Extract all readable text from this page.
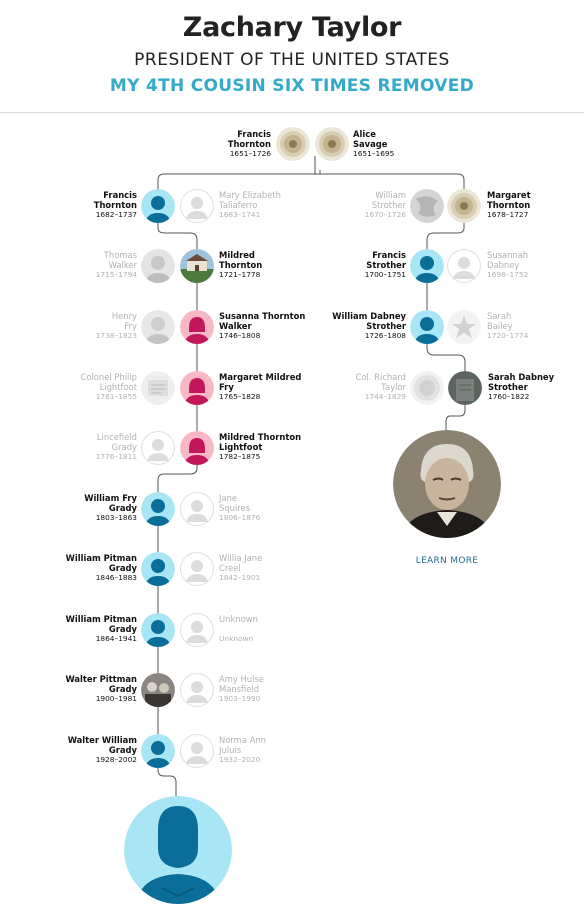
Zachary Taylor
PRESIDENT OF THE UNITED STATES
MY 4TH COUSIN SIX TIMES REMOVED
Francis
Thornton
1651–1726
Alice
Savage
1651–1695
Francis
Thornton
1682–1737
Mary Elizabeth
Taliaferro
1683–1741
Thomas
Walker
1715–1794
Mildred
Thornton
1721–1778
Henry
Fry
1738–1823
Susanna Thornton
Walker
1746–1808
Colonel Philip
Lightfoot
1761–1855
Margaret Mildred
Fry
1765–1828
Lincefield
Grady
1776–1811
Mildred Thornton
Lightfoot
1782–1875
William Fry
Grady
1803–1863
Jane
Squires
1806–1876
William Pitman
Grady
1846–1883
Willia Jane
Creel
1842–1901
William Pitman
Grady
1864–1941
Unknown
Unknown
Walter Pittman
Grady
1900–1981
Amy Hulse
Mansfield
1903–1990
Walter William
Grady
1928–2002
Norma Ann
Juluis
1932–2020
William
Strother
1670–1726
Margaret
Thornton
1678–1727
Francis
Strother
1700–1751
Susannah
Dabney
1698–1752
William Dabney
Strother
1726–1808
Sarah
Bailey
1720–1774
Col. Richard
Taylor
1744–1829
Sarah Dabney
Strother
1760–1822
LEARN MORE
